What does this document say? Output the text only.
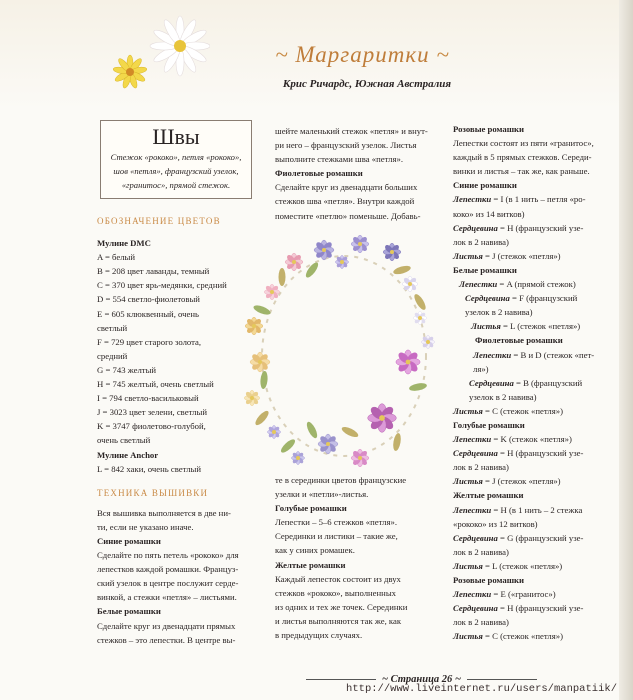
~ Маргаритки ~
Крис Ричардс, Южная Австралия
Швы
Стежок «рококо», петля «рококо», шов «петля», французский узелок, «гранитос», прямой стежок.

ОБОЗНАЧЕНИЕ ЦВЕТОВ

Мулине DMC

A = белый

B = 208 цвет лаванды, темный

C = 370 цвет ярь-медянки, средний

D = 554 светло-фиолетовый

E = 605 клюквенный, очень

светлый

F = 729 цвет старого золота,

средний

G = 743 желтый

H = 745 желтый, очень светлый

I = 794 светло-васильковый

J = 3023 цвет зелени, светлый

K = 3747 фиолетово-голубой,

очень светлый

Мулине Anchor

L = 842 хаки, очень светлый

ТЕХНИКА ВЫШИВКИ

Вся вышивка выполняется в две ни-

ти, если не указано иначе.

Синие ромашки

Сделайте по пять петель «рококо» для

лепестков каждой ромашки. Француз-

ский узелок в центре послужит серде-

винкой, а стежки «петля» – листьями.

Белые ромашки

Сделайте круг из двенадцати прямых

стежков – это лепестки. В центре вы-

шейте маленький стежок «петля» и внут-

ри него – французский узелок. Листья

выполните стежками шва «петля».

Фиолетовые ромашки

Сделайте круг из двенадцати больших

стежков шва «петля». Внутри каждой

поместите «петлю» поменьше. Добавь-

те в серединки цветов французские

узелки и «петли»-листья.

Голубые ромашки

Лепестки – 5–6 стежков «петля».

Серединки и листики – такие же,

как у синих ромашек.

Желтые ромашки

Каждый лепесток состоит из двух

стежков «рококо», выполненных

из одних и тех же точек. Серединки

и листья выполняются так же, как

в предыдущих случаях.

Розовые ромашки

Лепестки состоят из пяти «гранитос»,

каждый в 5 прямых стежков. Середи-

винки и листья – так же, как раньше.

Синие ромашки

Лепестки = I (в 1 нить – петля «ро-

коко» из 14 витков)

Сердцевина = H (французский узе-

лок в 2 навива)

Листья = J (стежок «петля»)

Белые ромашки

Лепестки = A (прямой стежок)

Сердцевина = F (французский

узелок в 2 навива)

Листья = L (стежок «петля»)

Фиолетовые ромашки

Лепестки = B и D (стежок «пет-

ля»)

Сердцевина = B (французский

узелок в 2 навива)

Листья = C (стежок «петля»)

Голубые ромашки

Лепестки = K (стежок «петля»)

Сердцевина = H (французский узе-

лок в 2 навива)

Листья = J (стежок «петля»)

Желтые ромашки

Лепестки = H (в 1 нить – 2 стежка

«рококо» из 12 витков)

Сердцевина = G (французский узе-

лок в 2 навива)

Листья = L (стежок «петля»)

Розовые ромашки

Лепестки = E («гранитос»)

Сердцевина = H (французский узе-

лок в 2 навива)

Листья = C (стежок «петля»)

~ Страница 26 ~
http://www.liveinternet.ru/users/manpatiik/
